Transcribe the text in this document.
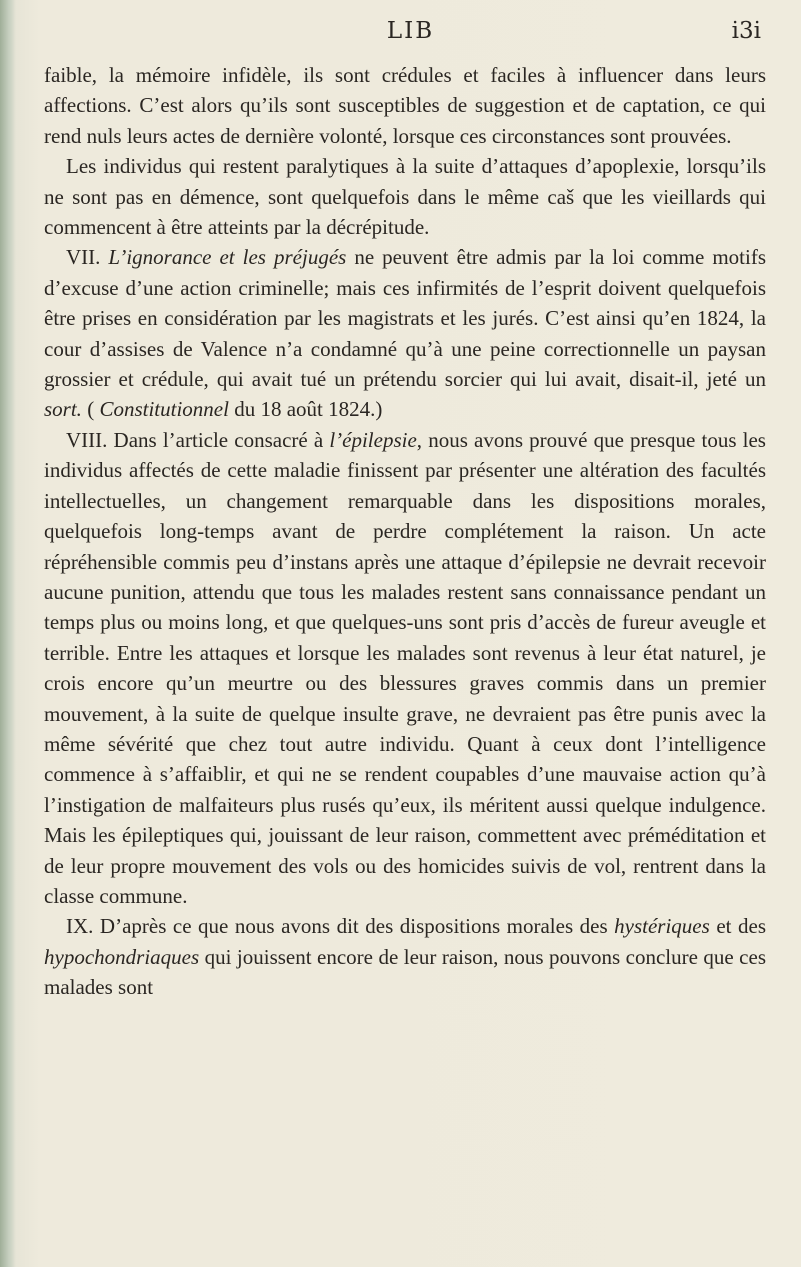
LIB	i3i

faible, la mémoire infidèle, ils sont crédules et faciles à influencer dans leurs affections. C’est alors qu’ils sont susceptibles de suggestion et de captation, ce qui rend nuls leurs actes de dernière volonté, lorsque ces circonstances sont prouvées.

Les individus qui restent paralytiques à la suite d’attaques d’apoplexie, lorsqu’ils ne sont pas en démence, sont quelquefois dans le même caš que les vieillards qui commencent à être atteints par la décrépitude.

VII. L’ignorance et les préjugés ne peuvent être admis par la loi comme motifs d’excuse d’une action criminelle; mais ces infirmités de l’esprit doivent quelquefois être prises en considération par les magistrats et les jurés. C’est ainsi qu’en 1824, la cour d’assises de Valence n’a condamné qu’à une peine correctionnelle un paysan grossier et crédule, qui avait tué un prétendu sorcier qui lui avait, disait-il, jeté un sort. ( Constitutionnel du 18 août 1824.)

VIII. Dans l’article consacré à l’épilepsie, nous avons prouvé que presque tous les individus affectés de cette maladie finissent par présenter une altération des facultés intellectuelles, un changement remarquable dans les dispositions morales, quelquefois long-temps avant de perdre complétement la raison. Un acte répréhensible commis peu d’instans après une attaque d’épilepsie ne devrait recevoir aucune punition, attendu que tous les malades restent sans connaissance pendant un temps plus ou moins long, et que quelques-uns sont pris d’accès de fureur aveugle et terrible. Entre les attaques et lorsque les malades sont revenus à leur état naturel, je crois encore qu’un meurtre ou des blessures graves commis dans un premier mouvement, à la suite de quelque insulte grave, ne devraient pas être punis avec la même sévérité que chez tout autre individu. Quant à ceux dont l’intelligence commence à s’affaiblir, et qui ne se rendent coupables d’une mauvaise action qu’à l’instigation de malfaiteurs plus rusés qu’eux, ils méritent aussi quelque indulgence. Mais les épileptiques qui, jouissant de leur raison, commettent avec préméditation et de leur propre mouvement des vols ou des homicides suivis de vol, rentrent dans la classe commune.

IX. D’après ce que nous avons dit des dispositions morales des hystériques et des hypochondriaques qui jouissent encore de leur raison, nous pouvons conclure que ces malades sont
